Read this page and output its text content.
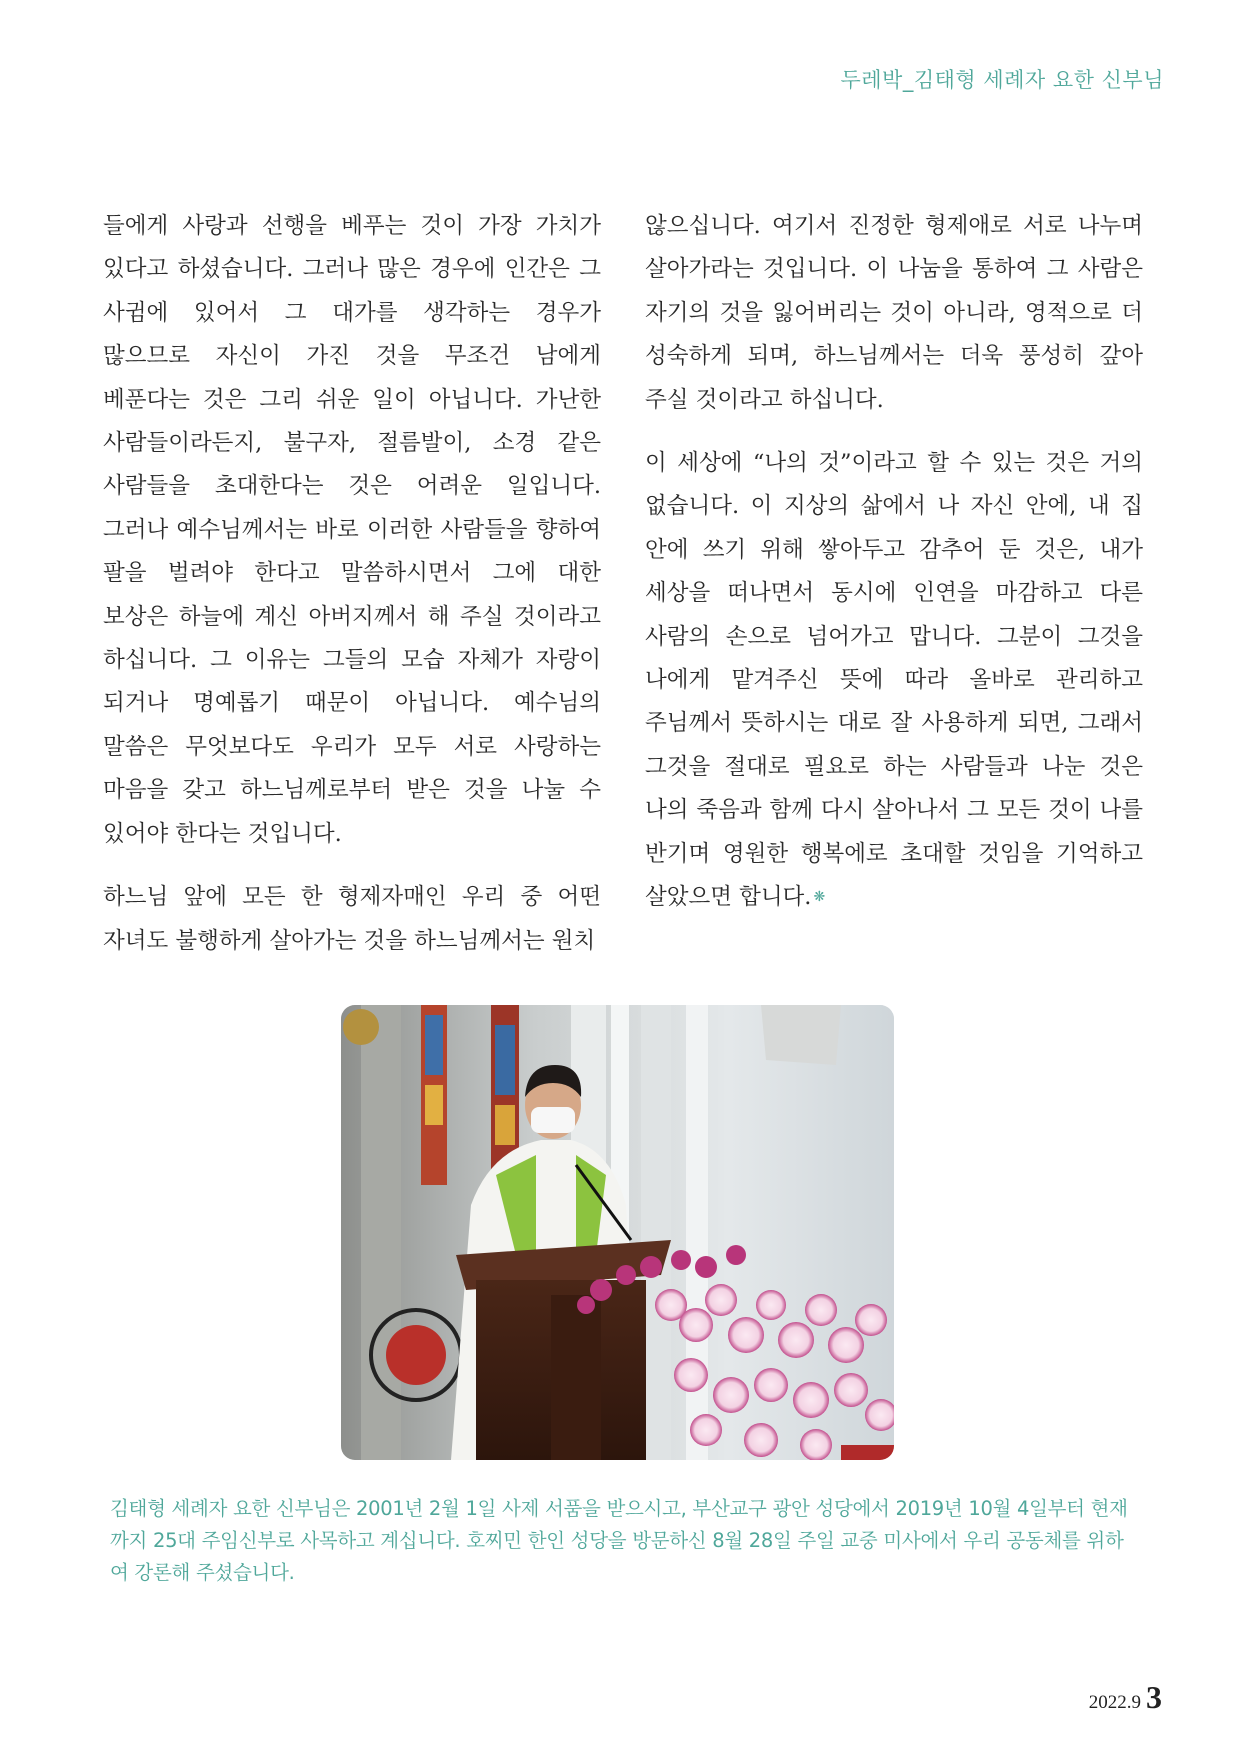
두레박_김태형 세례자 요한 신부님

들에게 사랑과 선행을 베푸는 것이 가장 가치가 있다고 하셨습니다. 그러나 많은 경우에 인간은 그 사귐에 있어서 그 대가를 생각하는 경우가 많으므로 자신이 가진 것을 무조건 남에게 베푼다는 것은 그리 쉬운 일이 아닙니다. 가난한 사람들이라든지, 불구자, 절름발이, 소경 같은 사람들을 초대한다는 것은 어려운 일입니다. 그러나 예수님께서는 바로 이러한 사람들을 향하여 팔을 벌려야 한다고 말씀하시면서 그에 대한 보상은 하늘에 계신 아버지께서 해 주실 것이라고 하십니다. 그 이유는 그들의 모습 자체가 자랑이 되거나 명예롭기 때문이 아닙니다. 예수님의 말씀은 무엇보다도 우리가 모두 서로 사랑하는 마음을 갖고 하느님께로부터 받은 것을 나눌 수 있어야 한다는 것입니다.

하느님 앞에 모든 한 형제자매인 우리 중 어떤 자녀도 불행하게 살아가는 것을 하느님께서는 원치

않으십니다. 여기서 진정한 형제애로 서로 나누며 살아가라는 것입니다. 이 나눔을 통하여 그 사람은 자기의 것을 잃어버리는 것이 아니라, 영적으로 더 성숙하게 되며, 하느님께서는 더욱 풍성히 갚아 주실 것이라고 하십니다.

이 세상에 “나의 것”이라고 할 수 있는 것은 거의 없습니다. 이 지상의 삶에서 나 자신 안에, 내 집 안에 쓰기 위해 쌓아두고 감추어 둔 것은, 내가 세상을 떠나면서 동시에 인연을 마감하고 다른 사람의 손으로 넘어가고 맙니다. 그분이 그것을 나에게 맡겨주신 뜻에 따라 올바로 관리하고 주님께서 뜻하시는 대로 잘 사용하게 되면, 그래서 그것을 절대로 필요로 하는 사람들과 나눈 것은 나의 죽음과 함께 다시 살아나서 그 모든 것이 나를 반기며 영원한 행복에로 초대할 것임을 기억하고 살았으면 합니다. ❋

김태형 세례자 요한 신부님은 2001년 2월 1일 사제 서품을 받으시고, 부산교구 광안 성당에서 2019년 10월 4일부터 현재까지 25대 주임신부로 사목하고 계십니다. 호찌민 한인 성당을 방문하신 8월 28일 주일 교중 미사에서 우리 공동체를 위하여 강론해 주셨습니다.

2022.9 3
